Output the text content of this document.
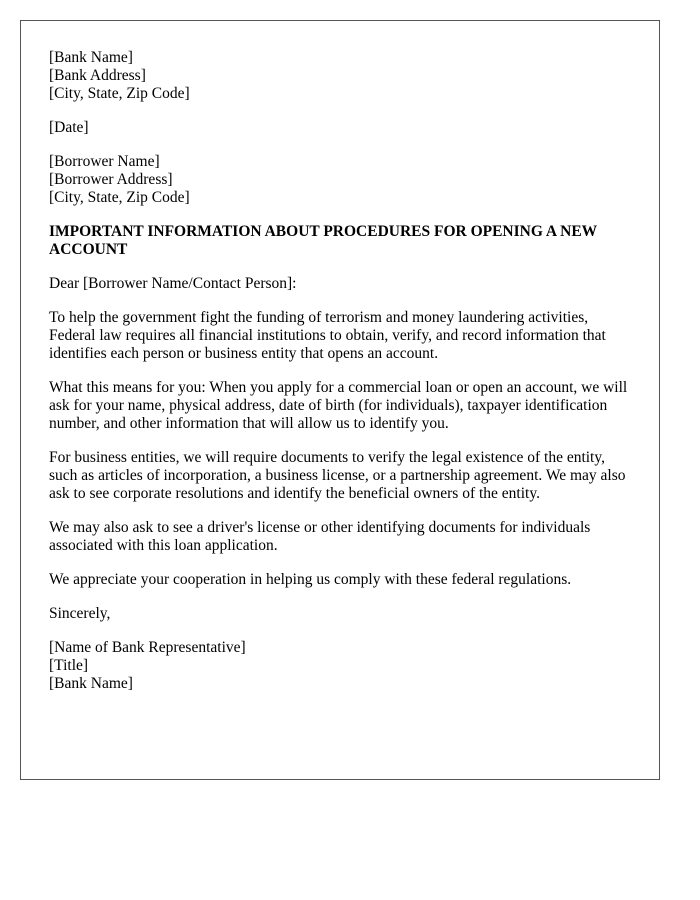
[Bank Name]
[Bank Address]
[City, State, Zip Code]
[Date]
[Borrower Name]
[Borrower Address]
[City, State, Zip Code]
IMPORTANT INFORMATION ABOUT PROCEDURES FOR OPENING A NEW ACCOUNT

Dear [Borrower Name/Contact Person]:

To help the government fight the funding of terrorism and money laundering activities, Federal law requires all financial institutions to obtain, verify, and record information that identifies each person or business entity that opens an account.

What this means for you: When you apply for a commercial loan or open an account, we will ask for your name, physical address, date of birth (for individuals), taxpayer identification number, and other information that will allow us to identify you.

For business entities, we will require documents to verify the legal existence of the entity, such as articles of incorporation, a business license, or a partnership agreement. We may also ask to see corporate resolutions and identify the beneficial owners of the entity.

We may also ask to see a driver's license or other identifying documents for individuals associated with this loan application.

We appreciate your cooperation in helping us comply with these federal regulations.

Sincerely,

[Name of Bank Representative]
[Title]
[Bank Name]
